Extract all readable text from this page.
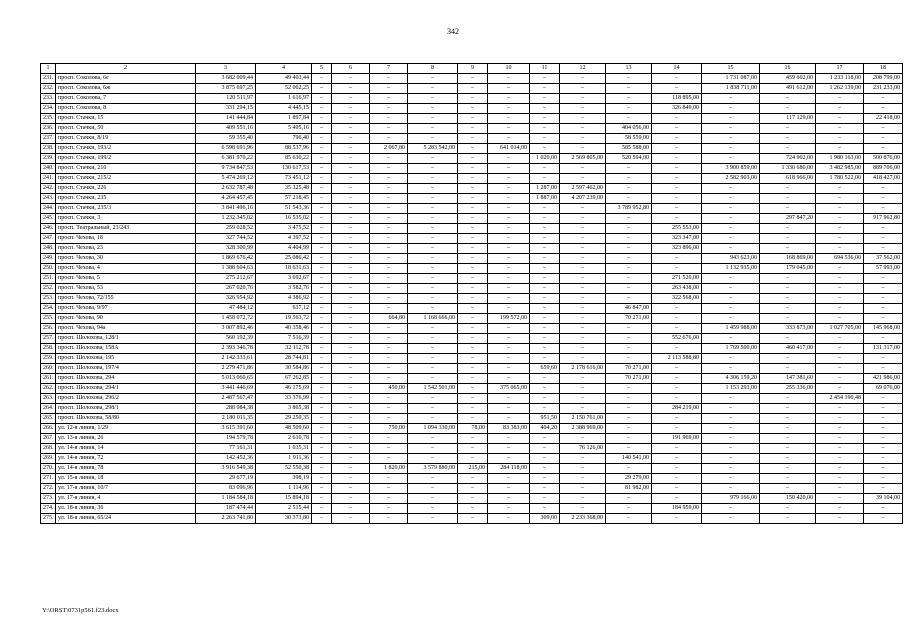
342
1	2	3	4	5	6	7	8	9	10	11	12	13	14	15	16	17	18
231.	просп. Соколова, 6е	3 682 009,44	49 403,44	–	–	–	–	–	–	–	–	–	–	1 731 087,00	459 602,00	1 233 118,00	208 799,00
232.	просп. Соколова, 6ж	3 875 697,25	52 002,25	–	–	–	–	–	–	–	–	–	–	1 838 711,00	491 612,00	1 262 139,00	231 233,00
233.	просп. Соколова, 7	120 511,97	1 616,97	–	–	–	–	–	–	–	–	–	118 895,00	–	–	–	–
234.	просп. Соколова, 8	331 294,15	4 445,15	–	–	–	–	–	–	–	–	–	326 849,00	–	–	–	–
235.	просп. Стачки, 15	141 444,84	1 897,84	–	–	–	–	–	–	–	–	–	–	–	117 129,00	–	22 418,00
236.	просп. Стачки, 50	409 551,16	5 495,16	–	–	–	–	–	–	–	–	404 056,00	–	–	–	–	–
237.	просп. Стачки, 8/19	59 355,40	796,40	–	–	–	–	–	–	–	–	58 559,00	–	–	–	–	–
238.	просп. Стачки, 193/2	6 598 691,96	88 537,96	–	–	2 067,80	5 283 542,00	–	641 014,00	–	–	585 588,00	–	–	–	–	–
239.	просп. Стачки, 199/2	6 381 970,22	85 630,22	–	–	–	–	–	–	1 020,00	2 569 805,00	520 594,00	–	–	724 902,00	1 980 163,00	500 876,00
240.	просп. Стачки, 210	9 734 847,53	130 617,53	–	–	–	–	–	–	–	–	–	–	3 900 859,00	1 330 680,00	3 482 985,00	889 706,00
241.	просп. Стачки, 215/2	5 474 269,12	73 451,12	–	–	–	–	–	–	–	–	–	–	2 582 903,00	618 966,00	1 780 522,00	418 427,00
242.	просп. Стачки, 226	2 632 787,48	35 325,48	–	–	–	–	–	–	1 287,00	2 597 462,00	–	–	–	–	–	–
243.	просп. Стачки, 235	4 264 457,45	57 218,45	–	–	–	–	–	–	1 887,00	4 207 239,00	–	–	–	–	–	–
244.	просп. Стачки, 235/3	3 841 496,16	51 543,36	–	–	–	–	–	–	–	–	3 789 952,80	–	–	–	–	–
245.	просп. Стачки, 3	1 232 345,02	16 535,02	–	–	–	–	–	–	–	–	–	–	–	297 847,20	–	917 962,80
246.	просп. Театральный, 23/243	259 028,52	3 475,52	–	–	–	–	–	–	–	–	–	255 553,00	–	–	–	–
247.	просп. Чехова, 18	327 744,52	4 397,52	–	–	–	–	–	–	–	–	–	323 347,00	–	–	–	–
248.	просп. Чехова, 23	328 300,99	4 404,99	–	–	–	–	–	–	–	–	–	323 896,00	–	–	–	–
249.	просп. Чехова, 30	1 869 676,42	25 086,42	–	–	–	–	–	–	–	–	–	–	943 623,00	168 869,00	694 536,00	37 562,00
250.	просп. Чехова, 4	1 388 604,63	18 631,63	–	–	–	–	–	–	–	–	–	–	1 132 935,00	179 045,00	–	57 993,00
251.	просп. Чехова, 5	275 212,67	3 692,67	–	–	–	–	–	–	–	–	–	271 520,00	–	–	–	–
252.	просп. Чехова, 53	267 020,76	3 582,76	–	–	–	–	–	–	–	–	–	263 438,00	–	–	–	–
253.	просп. Чехова, 72/155	326 954,92	4 386,92	–	–	–	–	–	–	–	–	–	322 568,00	–	–	–	–
254.	просп. Чехова, 9/97	47 484,12	637,12	–	–	–	–	–	–	–	–	46 847,00	–	–	–	–	–
255.	просп. Чехова, 90	1 458 072,72	19 563,72	–	–	664,80	1 168 666,00	–	199 572,00	–	–	70 271,00	–	–	–	–	–
256.	просп. Чехова, 94а	3 007 892,46	40 358,46	–	–	–	–	–	–	–	–	–	–	1 459 988,00	333 873,00	1 027 705,00	145 968,00
257.	просп. Шолохова, 128/1	560 192,39	7 516,39	–	–	–	–	–	–	–	–	–	552 676,00	–	–	–	–
258.	просп. Шолохова, 158А	2 393 346,78	32 112,78	–	–	–	–	–	–	–	–	–	–	1 769 500,00	460 417,00	–	131 317,00
259.	просп. Шолохова, 195	2 142 333,61	28 744,81	–	–	–	–	–	–	–	–	–	2 113 588,80	–	–	–	–
260.	просп. Шолохова, 197/4	2 279 471,86	30 584,86	–	–	–	–	–	–	659,60	2 178 616,00	70 271,00	–	–	–	–	–
261.	просп. Шолохова, 294	5 013 060,65	67 262,85	–	–	–	–	–	–	–	–	70 271,00	–	4 306 159,20	147 381,60	–	421 986,00
262.	просп. Шолохова, 294/1	3 441 446,69	46 175,69	–	–	450,00	1 542 501,00	–	375 065,00	–	–	–	–	1 153 293,00	255 336,00	–	69 076,00
263.	просп. Шолохова, 296/2	2 487 567,47	33 376,99	–	–	–	–	–	–	–	–	–	–	–	–	2 454 190,48	–
264.	просп. Шолохова, 298/1	288 084,38	3 865,38	–	–	–	–	–	–	–	–	–	284 219,00	–	–	–	–
265.	просп. Шолохова, 58/80	2 180 011,35	29 250,35	–	–	–	–	–	–	951,50	2 150 761,00	–	–	–	–	–	–
266.	ул. 12-я линия, 1/29	3 615 391,60	48 509,60	–	–	750,00	1 094 330,00	78,00	83 383,00	404,20	2 388 969,00	–	–	–	–	–	–
267.	ул. 13-я линия, 26	194 579,78	2 610,78	–	–	–	–	–	–	–	–	–	191 969,00	–	–	–	–
268.	ул. 14-я линия, 14	77 161,31	1 035,31	–	–	–	–	–	–	–	76 126,00	–	–	–	–	–	–
269.	ул. 14-я линия, 72	142 452,36	1 911,36	–	–	–	–	–	–	–	–	140 541,00	–	–	–	–	–
270.	ул. 14-я линия, 78	3 916 549,38	52 550,38	–	–	1 820,00	3 579 880,00	215,00	284 118,00	–	–	–	–	–	–	–	–
271.	ул. 15-я линия, 18	29 677,19	398,19	–	–	–	–	–	–	–	–	29 279,00	–	–	–	–	–
272.	ул. 17-я линия, 10/7	83 096,96	1 114,96	–	–	–	–	–	–	–	–	81 982,00	–	–	–	–	–
273.	ул. 17-я линия, 4	1 184 584,18	15 894,18	–	–	–	–	–	–	–	–	–	–	979 166,00	150 420,00	–	39 104,00
274.	ул. 18-я линия, 36	187 474,44	2 515,44	–	–	–	–	–	–	–	–	–	184 959,00	–	–	–	–
275.	ул. 18-я линия, 65/24	2 263 741,80	30 373,80	–	–	–	–	–	–	309,00	2 233 368,00	–	–	–	–	–	–
Y:\ORST\0731p561.f23.docx
